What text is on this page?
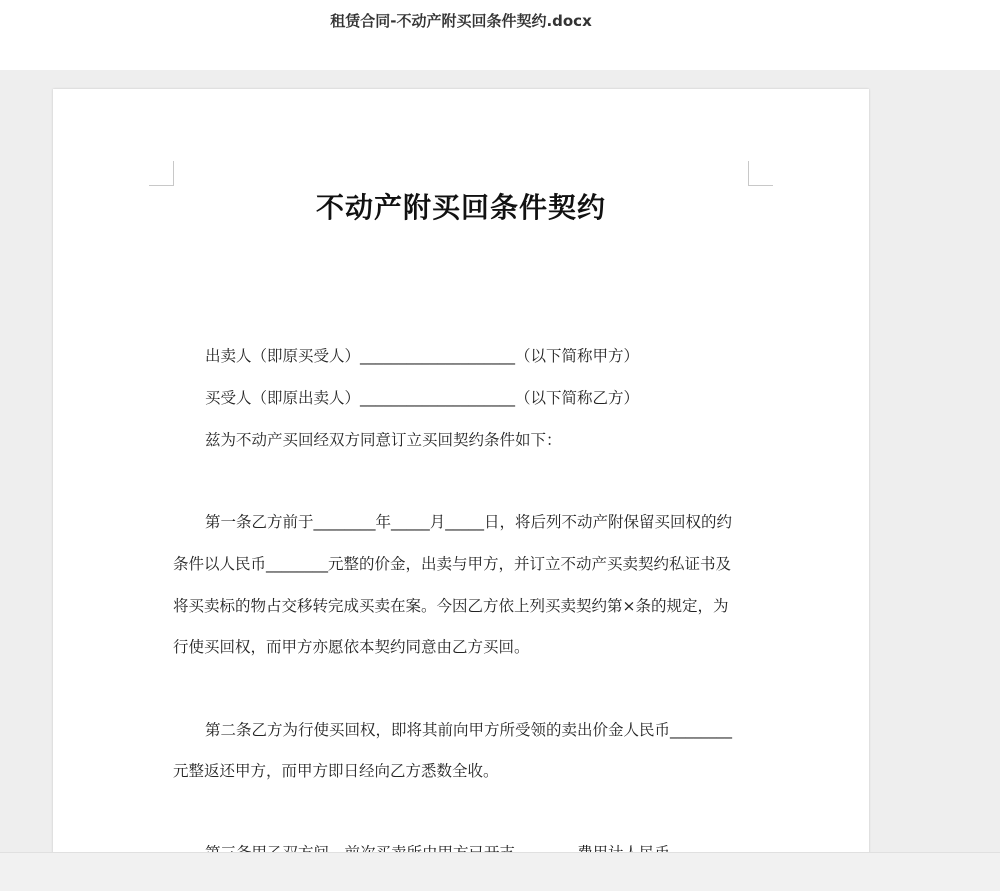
租赁合同-不动产附买回条件契约.docx
不动产附买回条件契约
出卖人（即原买受人）____________________（以下简称甲方）
买受人（即原出卖人）____________________（以下简称乙方）
兹为不动产买回经双方同意订立买回契约条件如下：
第一条乙方前于________年_____月_____日，将后列不动产附保留买回权的约
条件以人民币________元整的价金，出卖与甲方，并订立不动产买卖契约私证书及
将买卖标的物占交移转完成买卖在案。今因乙方依上列买卖契约第×条的规定，为
行使买回权，而甲方亦愿依本契约同意由乙方买回。
第二条乙方为行使买回权，即将其前向甲方所受领的卖出价金人民币________
元整返还甲方，而甲方即日经向乙方悉数全收。
